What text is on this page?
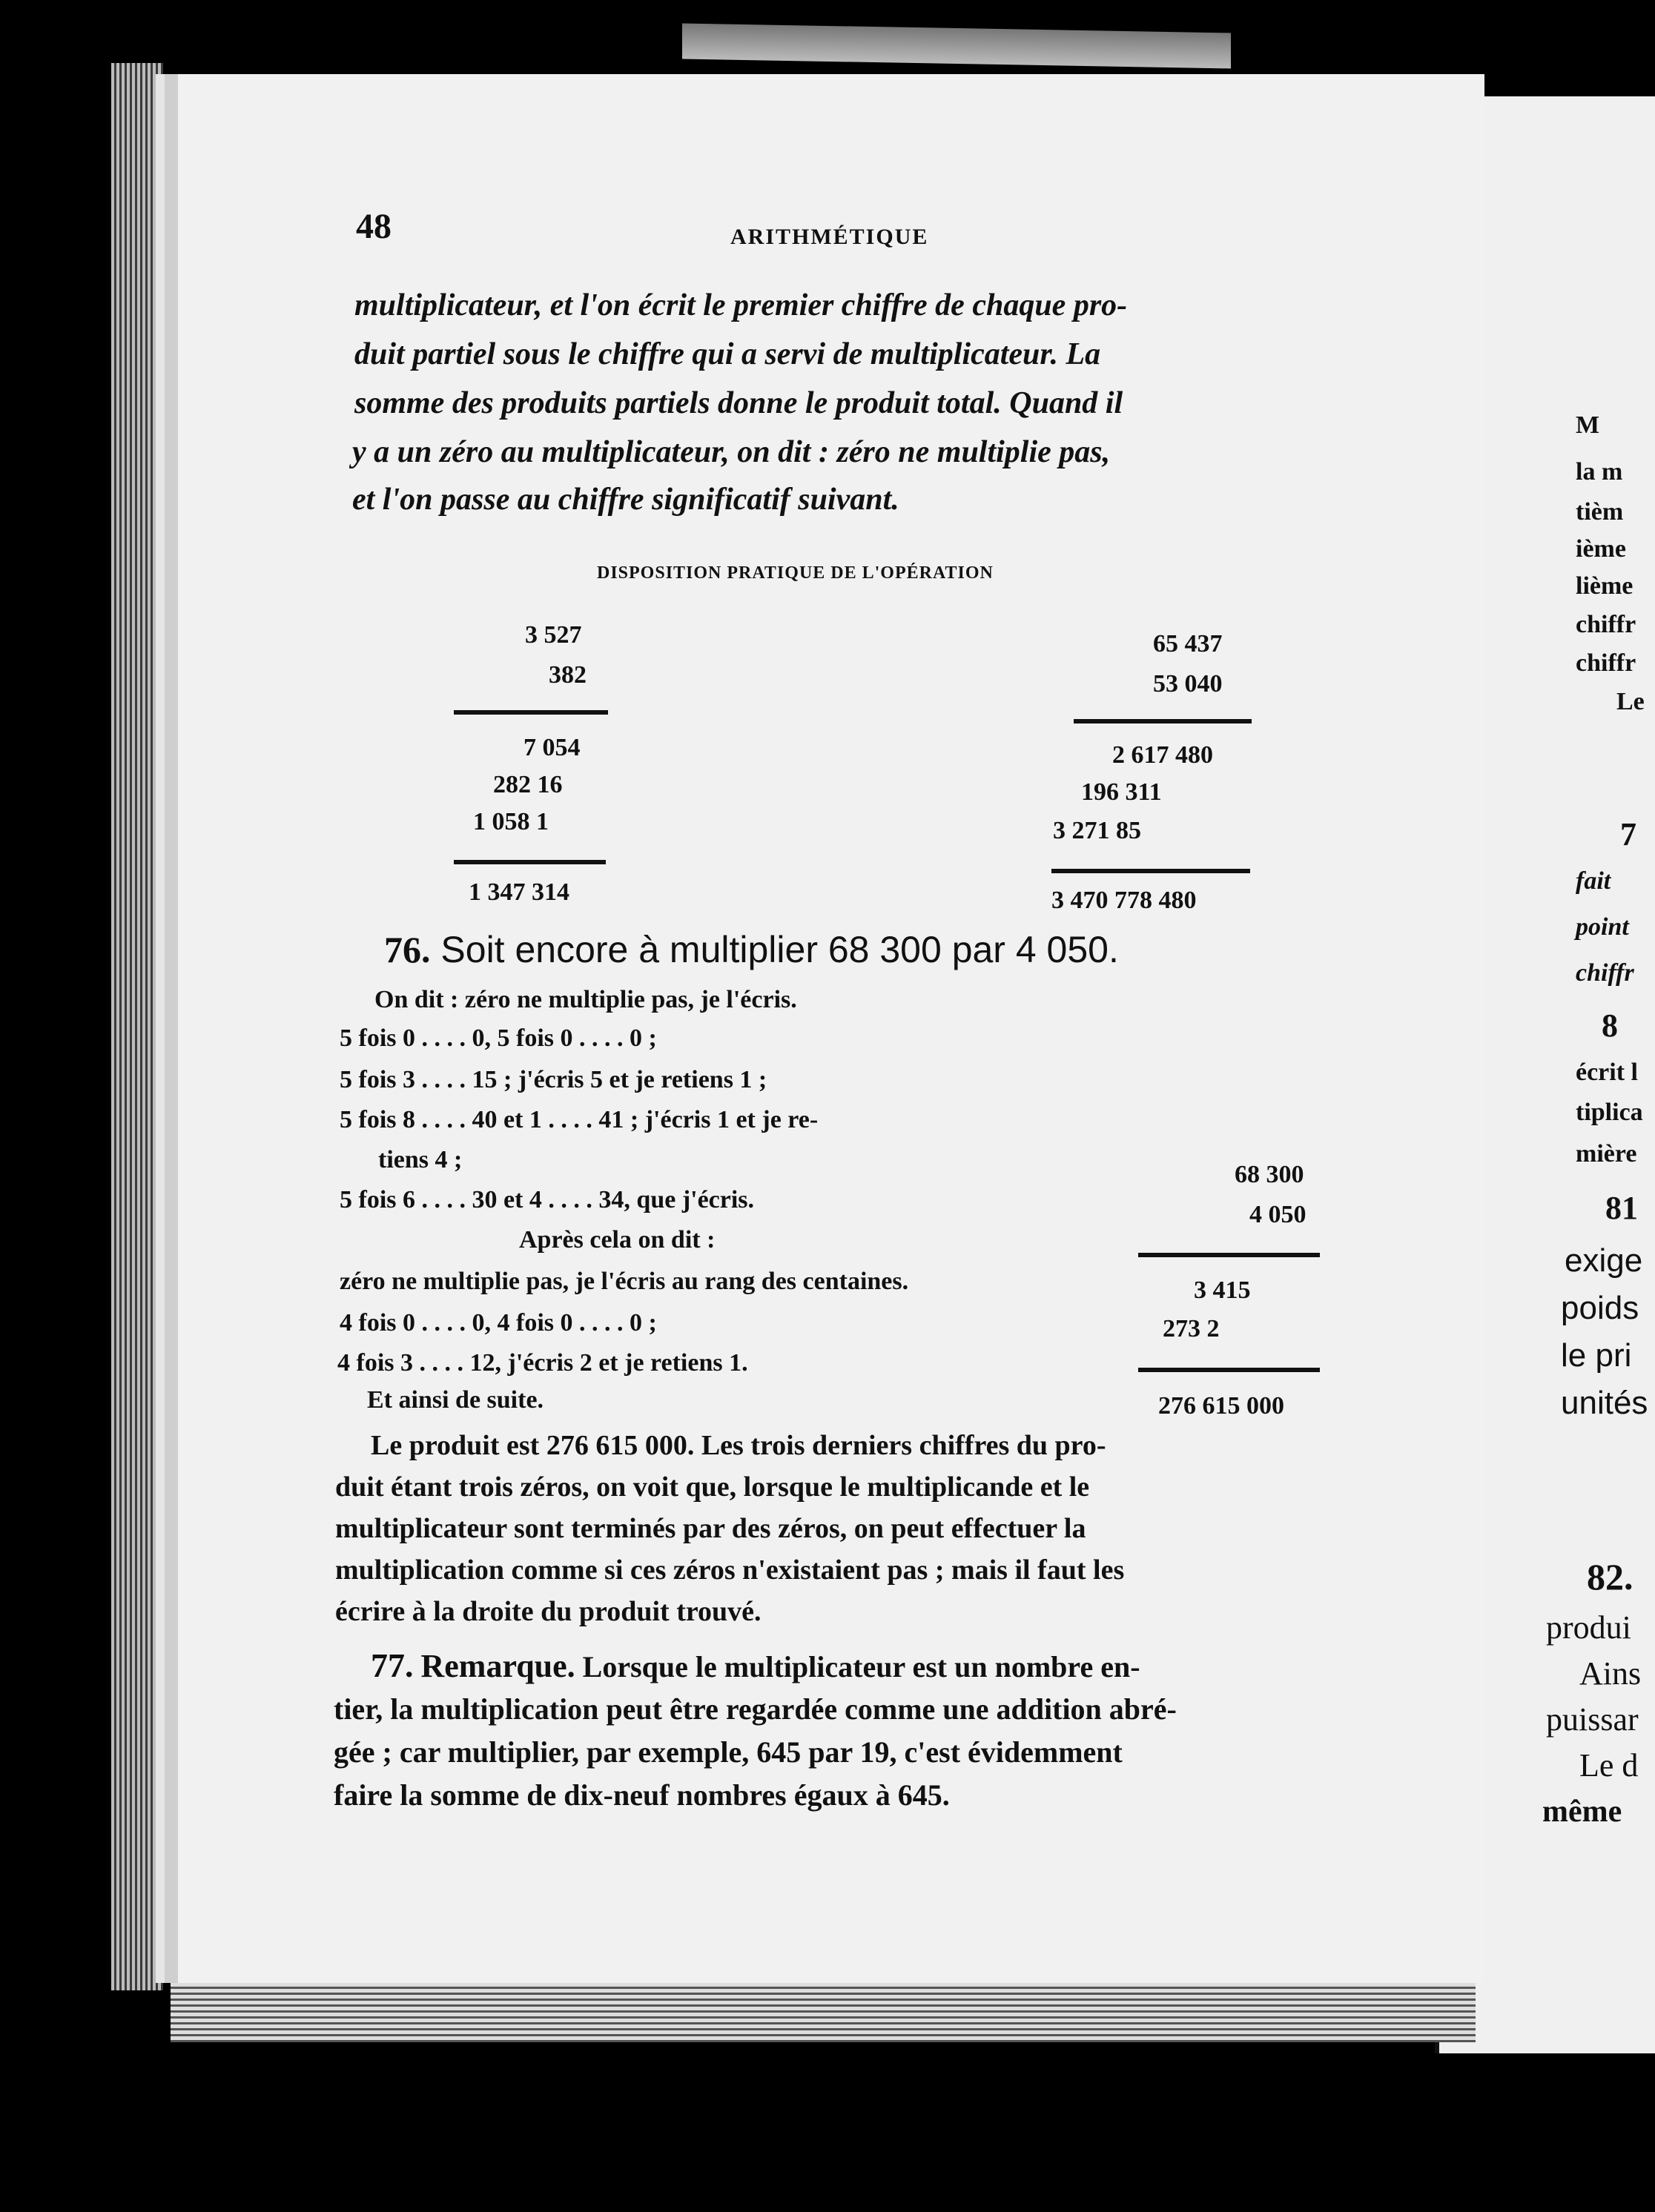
48	ARITHMÉTIQUE
multiplicateur, et l'on écrit le premier chiffre de chaque pro-
duit partiel sous le chiffre qui a servi de multiplicateur. La
somme des produits partiels donne le produit total. Quand il
y a un zéro au multiplicateur, on dit : zéro ne multiplie pas,
et l'on passe au chiffre significatif suivant.
DISPOSITION PRATIQUE DE L'OPÉRATION
3 527
382
7 054
282 16
1 058 1
1 347 314
65 437
53 040
2 617 480
196 311
3 271 85
3 470 778 480
76. Soit encore à multiplier 68 300 par 4 050.
On dit : zéro ne multiplie pas, je l'écris.
5 fois 0 . . . . 0, 5 fois 0 . . . . 0 ;
5 fois 3 . . . . 15 ; j'écris 5 et je retiens 1 ;
5 fois 8 . . . . 40 et 1 . . . . 41 ; j'écris 1 et je re-
tiens 4 ;
5 fois 6 . . . . 30 et 4 . . . . 34, que j'écris.
Après cela on dit :
zéro ne multiplie pas, je l'écris au rang des centaines.
4 fois 0 . . . . 0, 4 fois 0 . . . . 0 ;
4 fois 3 . . . . 12, j'écris 2 et je retiens 1.
Et ainsi de suite.
68 300
4 050
3 415
273 2
276 615 000
Le produit est 276 615 000. Les trois derniers chiffres du pro-
duit étant trois zéros, on voit que, lorsque le multiplicande et le
multiplicateur sont terminés par des zéros, on peut effectuer la
multiplication comme si ces zéros n'existaient pas ; mais il faut les
écrire à la droite du produit trouvé.
77. Remarque. Lorsque le multiplicateur est un nombre en-
tier, la multiplication peut être regardée comme une addition abré-
gée ; car multiplier, par exemple, 645 par 19, c'est évidemment
faire la somme de dix-neuf nombres égaux à 645.
M
la m
tièm
ième
lième
chiffr
chiffr
Le
7
fait
point
chiffr
8
écrit l
tiplica
mière
81
exige
poids
le pri
unités
82.
produi
Ains
puissar
Le d
même
